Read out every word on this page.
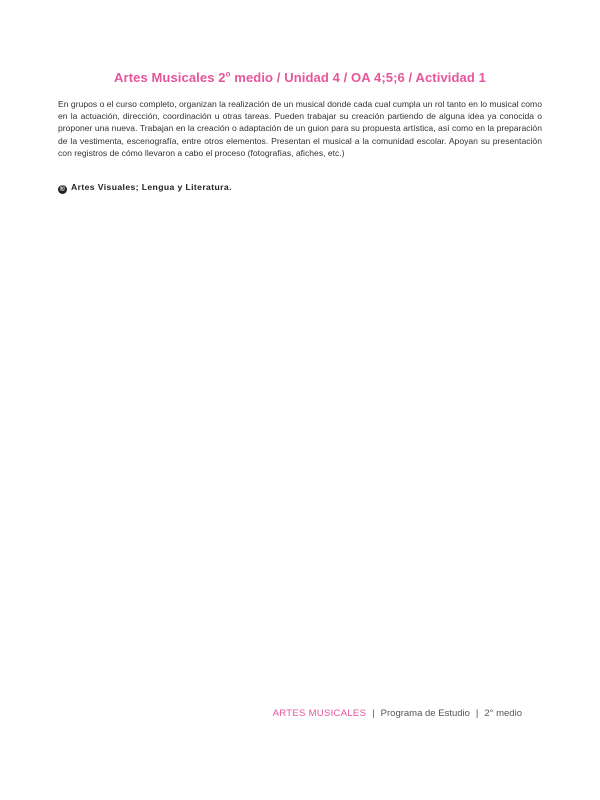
Artes Musicales 2$^o$ medio / Unidad 4 / OA 4;5;6 / Actividad 1
En grupos o el curso completo, organizan la realización de un musical donde cada cual cumpla un rol tanto en lo musical como en la actuación, dirección, coordinación u otras tareas. Pueden trabajar su creación partiendo de alguna idea ya conocida o proponer una nueva. Trabajan en la creación o adaptación de un guion para su propuesta artística, así como en la preparación de la vestimenta, escenografía, entre otros elementos. Presentan el musical a la comunidad escolar. Apoyan su presentación con registros de cómo llevaron a cabo el proceso (fotografías, afiches, etc.)
® Artes Visuales; Lengua y Literatura.
ARTES MUSICALES | Programa de Estudio | 2° medio
